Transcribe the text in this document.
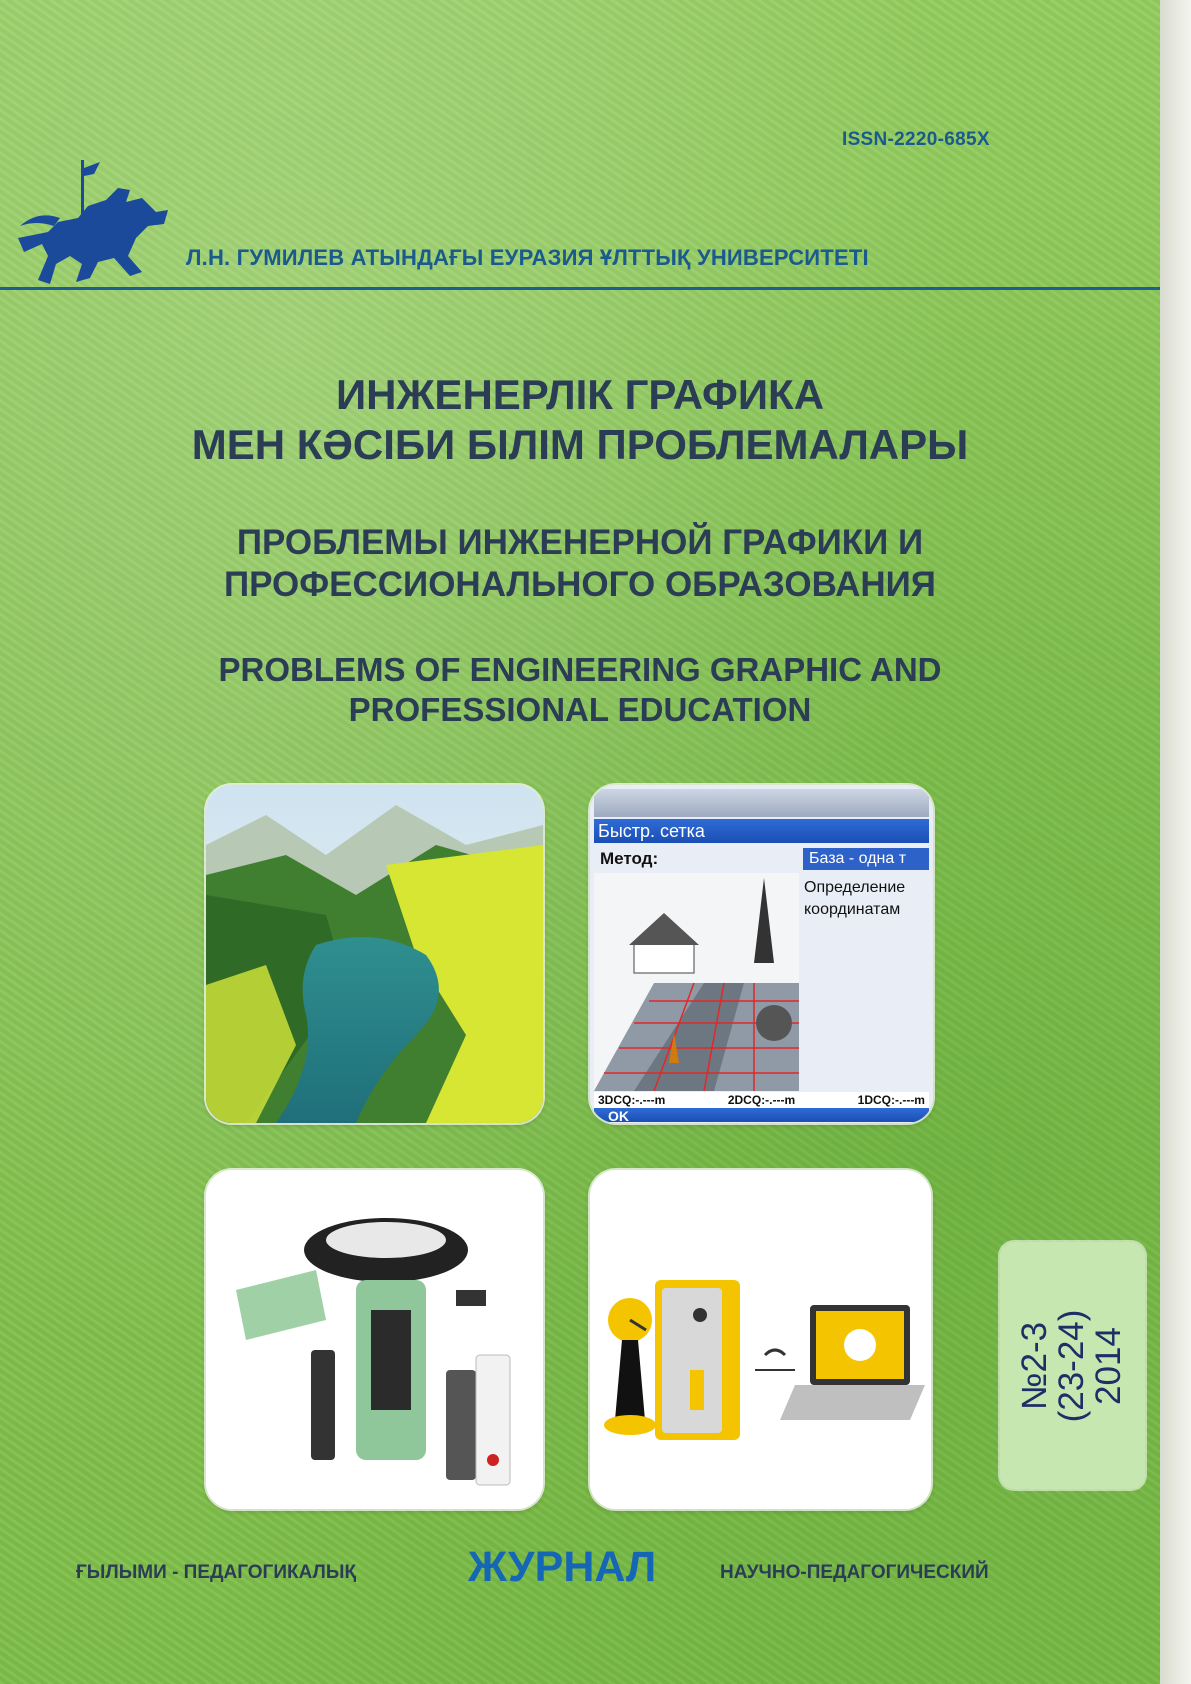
ISSN-2220-685X
Л.Н. ГУМИЛЕВ АТЫНДАҒЫ ЕУРАЗИЯ ҰЛТТЫҚ УНИВЕРСИТЕТІ
ИНЖЕНЕРЛІК ГРАФИКА
МЕН КӘСІБИ БІЛІМ ПРОБЛЕМАЛАРЫ
ПРОБЛЕМЫ ИНЖЕНЕРНОЙ ГРАФИКИ И
ПРОФЕССИОНАЛЬНОГО ОБРАЗОВАНИЯ
PROBLEMS OF ENGINEERING GRAPHIC AND
PROFESSIONAL EDUCATION
Быстр. сетка
Метод:	База - одна т
Определение
координатам
3DCQ:-.---m	2DCQ:-.---m	1DCQ:-.---m
OK
№2-3
(23-24)
2014
ҒЫЛЫМИ - ПЕДАГОГИКАЛЫҚ	ЖУРНАЛ	НАУЧНО-ПЕДАГОГИЧЕСКИЙ
